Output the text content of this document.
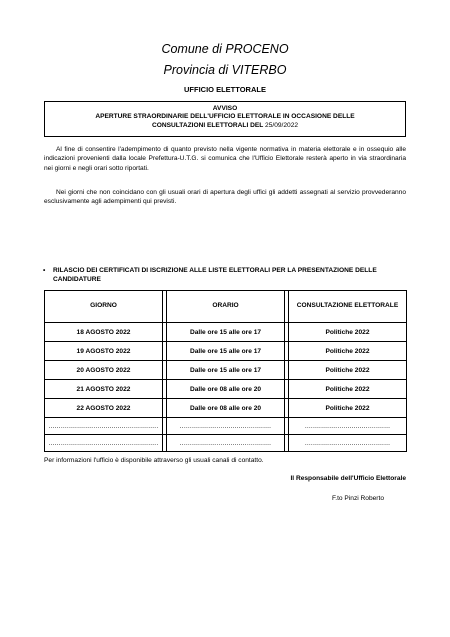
Comune di PROCENO
Provincia di VITERBO
UFFICIO ELETTORALE
AVVISO
APERTURE STRAORDINARIE DELL'UFFICIO ELETTORALE IN OCCASIONE DELLE
CONSULTAZIONI ELETTORALI DEL 25/09/2022
Al fine di consentire l'adempimento di quanto previsto nella vigente normativa in materia elettorale e in ossequio alle indicazioni provenienti dalla locale Prefettura-U.T.G. si comunica che l'Ufficio Elettorale resterà aperto in via straordinaria nei giorni e negli orari sotto riportati.
Nei giorni che non coincidano con gli usuali orari di apertura degli uffici gli addetti assegnati al servizio provvederanno esclusivamente agli adempimenti qui previsti.
• RILASCIO DEI CERTIFICATI DI ISCRIZIONE ALLE LISTE ELETTORALI PER LA PRESENTAZIONE DELLE CANDIDATURE
GIORNO		ORARIO		CONSULTAZIONE ELETTORALE
18 AGOSTO 2022		Dalle ore 15 alle ore 17		Politiche 2022
19 AGOSTO 2022		Dalle ore 15 alle ore 17		Politiche 2022
20 AGOSTO 2022		Dalle ore 15 alle ore 17		Politiche 2022
21 AGOSTO 2022		Dalle ore 08 alle ore 20		Politiche 2022
22 AGOSTO 2022		Dalle ore 08 alle ore 20		Politiche 2022
......................................................		.............................................		..........................................
......................................................		.............................................		..........................................
Per informazioni l'ufficio è disponibile attraverso gli usuali canali di contatto.
Il Responsabile dell'Ufficio Elettorale
F.to Pinzi Roberto
